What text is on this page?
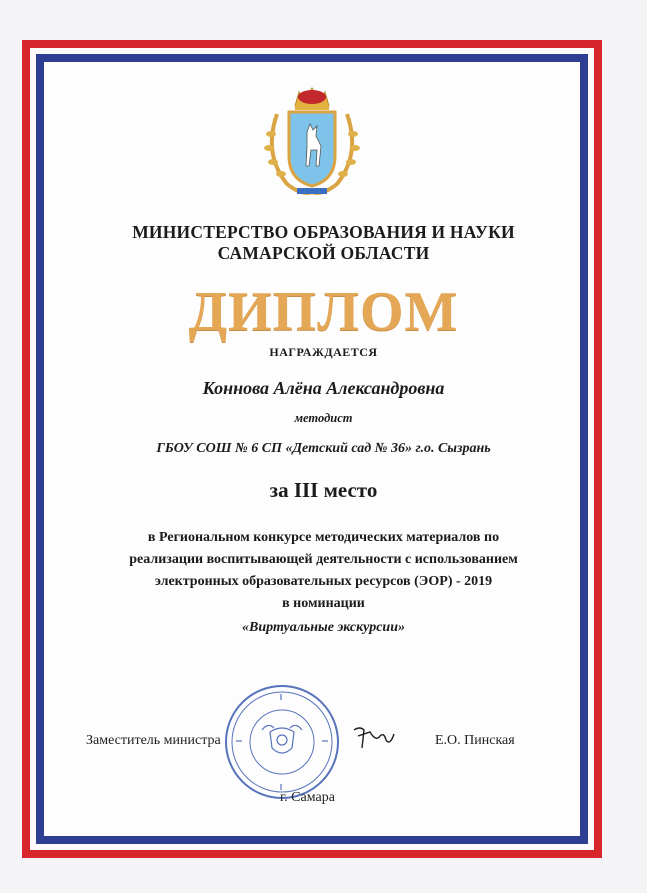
МИНИСТЕРСТВО ОБРАЗОВАНИЯ И НАУКИ
САМАРСКОЙ ОБЛАСТИ
ДИПЛОМ
НАГРАЖДАЕТСЯ
Коннова Алёна Александровна
методист
ГБОУ СОШ № 6 СП «Детский сад № 36» г.о. Сызрань
за III место
в Региональном конкурсе методических материалов по
реализации воспитывающей деятельности с использованием
электронных образовательных ресурсов (ЭОР) - 2019
в номинации
«Виртуальные экскурсии»
Заместитель министра	Е.О. Пинская
г. Самара
